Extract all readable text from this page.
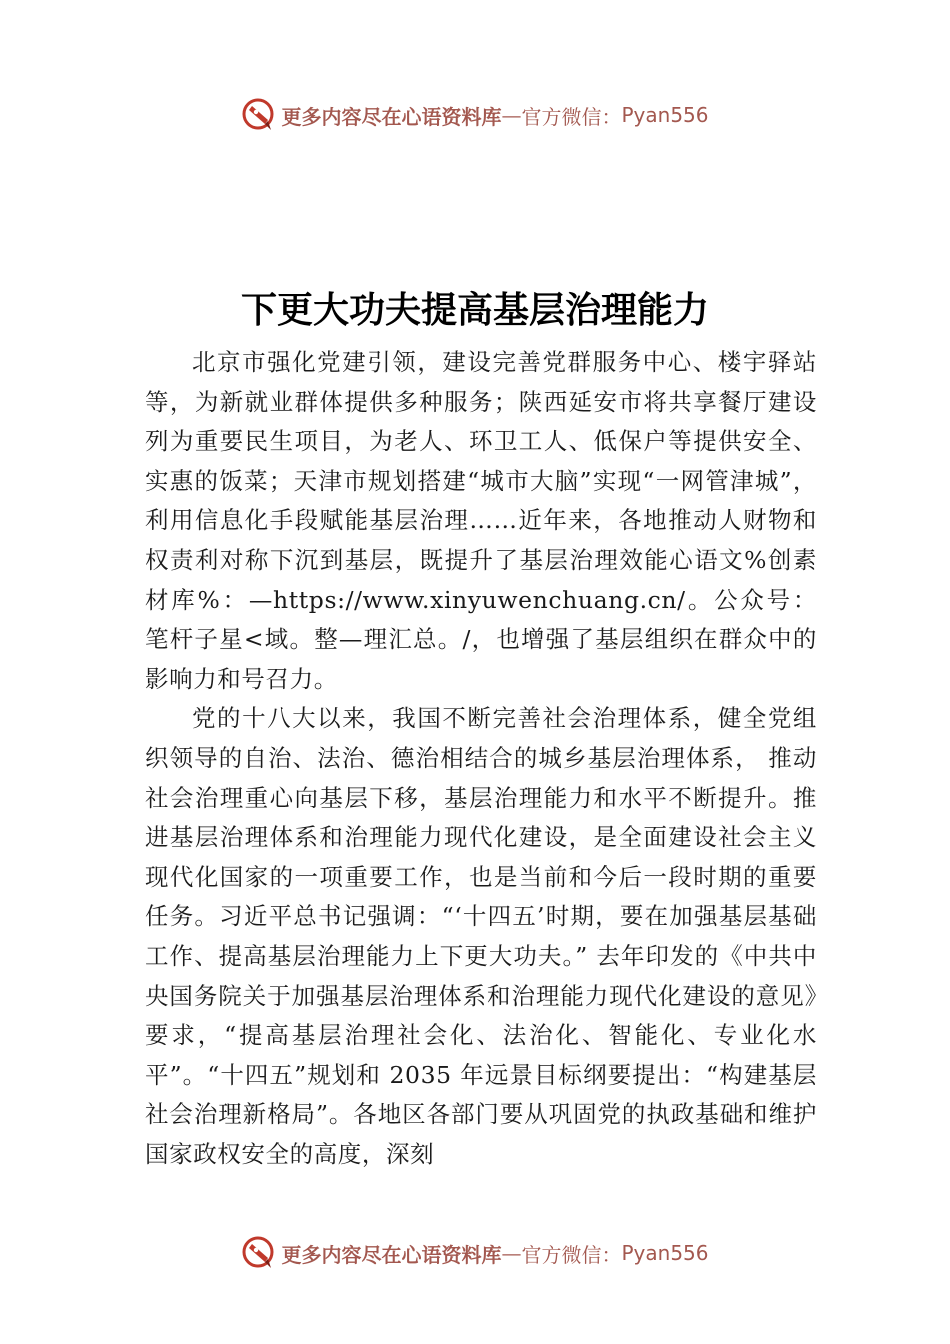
更多内容尽在心语资料库 — 官方微信： Pyan556
下更大功夫提高基层治理能力

北京市强化党建引领，建设完善党群服务中心、楼宇驿站等，为新就业群体提供多种服务；陕西延安市将共享餐厅建设列为重要民生项目，为老人、环卫工人、低保户等提供安全、实惠的饭菜；天津市规划搭建“城市大脑”实现“一网管津城”，利用信息化手段赋能基层治理……近年来，各地推动人财物和权责利对称下沉到基层，既提升了基层治理效能心语文%创素材库%：—https://www.xinyuwenchuang.cn/。公众号：笔杆子星<域。整—理汇总。/，也增强了基层组织在群众中的影响力和号召力。

党的十八大以来，我国不断完善社会治理体系，健全党组织领导的自治、法治、德治相结合的城乡基层治理体系， 推动社会治理重心向基层下移，基层治理能力和水平不断提升。推进基层治理体系和治理能力现代化建设，是全面建设社会主义现代化国家的一项重要工作，也是当前和今后一段时期的重要任务。习近平总书记强调：“‘十四五’时期，要在加强基层基础工作、提高基层治理能力上下更大功夫。” 去年印发的《中共中央国务院关于加强基层治理体系和治理能力现代化建设的意见》要求，“提高基层治理社会化、法治化、智能化、专业化水平”。“十四五”规划和 2035 年远景目标纲要提出：“构建基层社会治理新格局”。各地区各部门要从巩固党的执政基础和维护国家政权安全的高度，深刻

更多内容尽在心语资料库 — 官方微信： Pyan556
